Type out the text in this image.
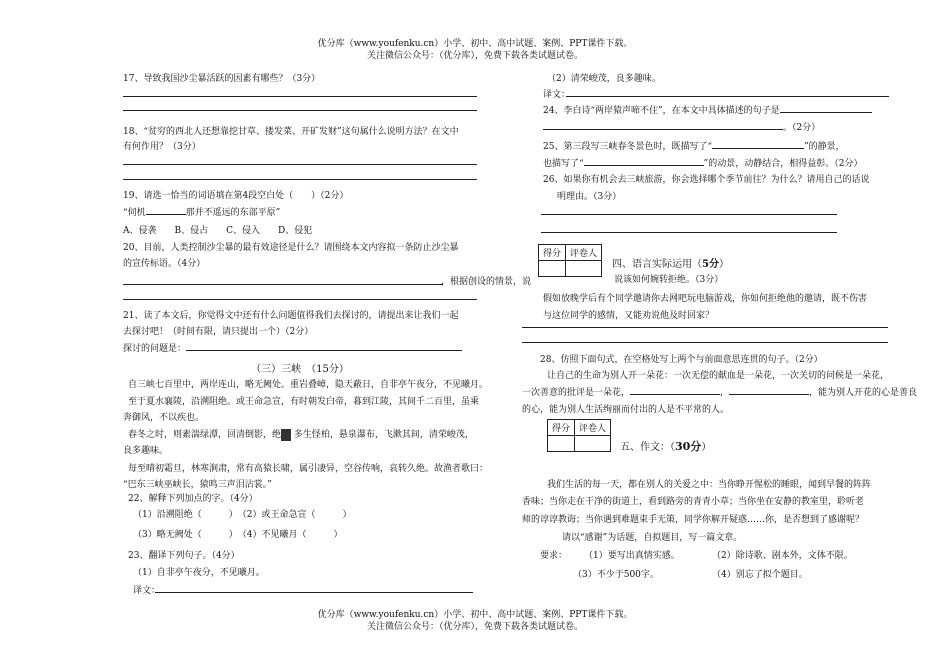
优分库（www.youfenku.cn）小学、初中、高中试题、案例、PPT课件下载。
关注微信公众号：（优分库），免费下载各类试题试卷。
17、导致我国沙尘暴活跃的因素有哪些？（3分）
18、“贫穷的西北人还想靠挖甘草、搂发菜、开矿发财”这句属什么说明方法？在文中
有何作用？（3分）
19、请选一恰当的词语填在第4段空白处（　　）（2分）
“伺机	那并不遥远的东部平原”
A、侵袭　　B、侵占　　C、侵入　　D、侵犯
20、目前，人类控制沙尘暴的最有效途径是什么？请围绕本文内容拟一条防止沙尘暴
的宣传标语。（4分）
，根据创设的情景，说
21、读了本文后，你觉得文中还有什么问题值得我们去探讨的，请提出来让我们一起
去探讨吧！（时间有限，请只提出一个）（2分）
探讨的问题是：
（三）三峡　（15分）
自三峡七百里中，两岸连山，略无阙处。重岩叠嶂，隐天蔽日，自非亭午夜分，不见曦月。
至于夏水襄陵，沿溯阻绝。或王命急宣，有时朝发白帝，暮到江陵，其间千二百里，虽乘
奔御风，不以疾也。
春冬之时，则素湍绿潭，回清倒影，绝 多生怪柏，悬泉瀑布，飞漱其间，清荣峻茂，
良多趣味。
每至晴初霜旦，林寒涧肃，常有高猿长啸，属引凄异，空谷传响，哀转久绝。故渔者歌曰：
“巴东三峡巫峡长，猿鸣三声泪沾裳。”
22、解释下列加点的字。（4分）
（1）沿溯阻绝（　　　）　（2）或王命急宣（　　　）
（3）略无阙处（　　　）　（4）不见曦月（　　　）
23、翻译下列句子。（4分）
（1）自非亭午夜分，不见曦月。
译文：
（2）清荣峻茂，良多趣味。
译文：
24、李白诗“两岸猿声啼不住”，在本文中具体描述的句子是
。（2分）
25、第三段写三峡春冬景色时，既描写了“	”的静景，
也描写了“	”的动景，动静结合，相得益彰。（2分）
26、如果你有机会去三峡旅游，你会选择哪个季节前往？为什么？请用自己的话说
明理由。（3分）
得分	评卷人

四、语言实际运用（5分）
说该如何婉转拒绝。（3分）
假如放晚学后有个同学邀请你去网吧玩电脑游戏，你如何拒绝他的邀请，既不伤害
与这位同学的感情，又能劝说他及时回家？
28、仿照下面句式，在空格处写上两个与前面意思连贯的句子。（2分）
让自己的生命为别人开一朵花：一次无偿的献血是一朵花，一次关切的问候是一朵花，
一次善意的批评是一朵花，	，	，能为别人开花的心是善良
的心，能为别人生活绚丽而付出的人是不平常的人。
得分	评卷人

五、作文：（30分）
我们生活的每一天，都在别人的关爱之中：当你睁开惺松的睡眼，闻到早餐的阵阵
香味；当你走在干净的街道上，看到路旁的青青小草；当你坐在安静的教室里，聆听老
师的谆谆教诲；当你遇到难题束手无策，同学你解开疑惑……你，是否想到了感谢呢？
请以“感谢”为话题，自拟题目，写一篇文章。
要求： （1）要写出真情实感。	（2）除诗歌、剧本外，文体不限。
（3）不少于500字。	（4）别忘了拟个题目。
优分库（www.youfenku.cn）小学、初中、高中试题、案例、PPT课件下载。
关注微信公众号：（优分库），免费下载各类试题试卷。
